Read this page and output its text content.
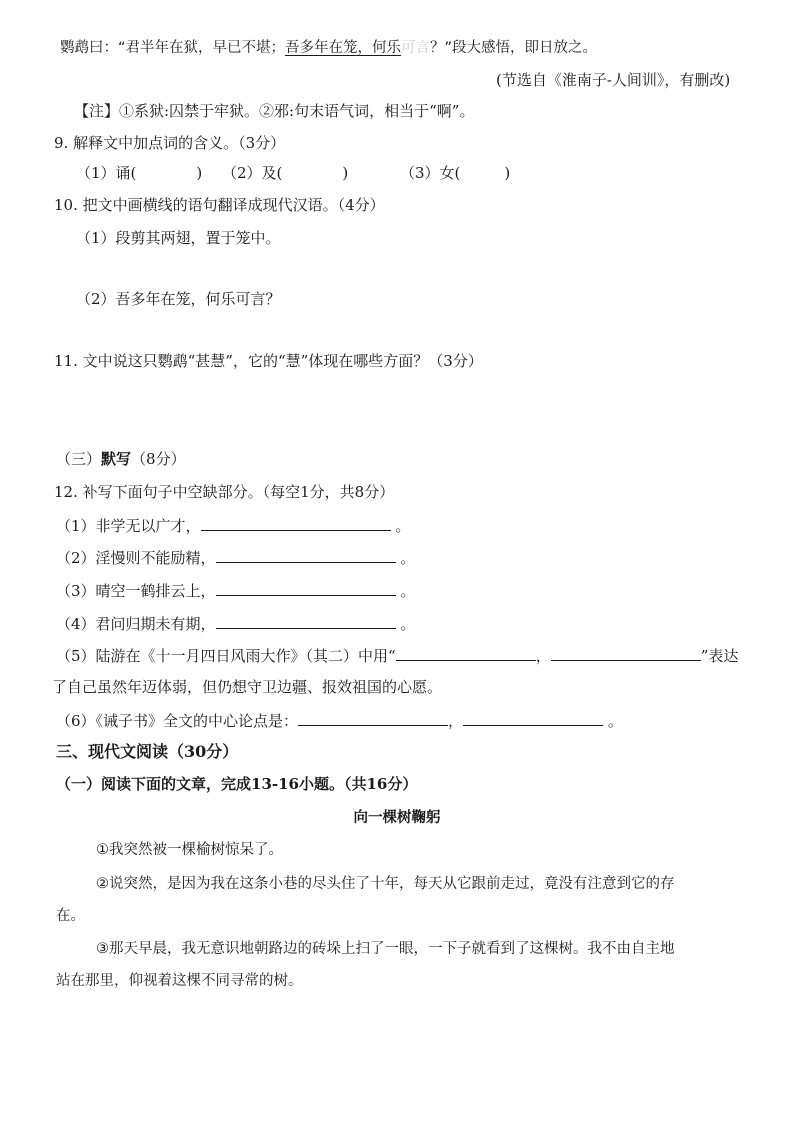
鹦鹉曰：“君半年在狱，早已不堪；吾多年在笼，何乐可言？”段大感悟，即日放之。
(节选自《淮南子-人间训》，有删改)
【注】①系狱:囚禁于牢狱。②邪:句末语气词，相当于“啊”。
9. 解释文中加点词的含义。（3分）
（1）诵(	) （2）及(	)	（3）女(	)
10. 把文中画横线的语句翻译成现代汉语。（4分）
（1）段剪其两翅，置于笼中。
（2）吾多年在笼，何乐可言？
11. 文中说这只鹦鹉“甚慧”，它的“慧”体现在哪些方面？（3分）
（三）默写（8分）
12. 补写下面句子中空缺部分。（每空1分，共8分）
（1）非学无以广才，	。
（2）淫慢则不能励精，	。
（3）晴空一鹤排云上，	。
（4）君问归期未有期，	。
（5）陆游在《十一月四日风雨大作》（其二）中用“	，	”表达
了自己虽然年迈体弱，但仍想守卫边疆、报效祖国的心愿。
（6）《诫子书》全文的中心论点是：	，	。
三、现代文阅读（30分）
（一）阅读下面的文章，完成13-16小题。（共16分）
向一棵树鞠躬
①我突然被一棵榆树惊呆了。
②说突然，是因为我在这条小巷的尽头住了十年，每天从它跟前走过，竟没有注意到它的存
在。
③那天早晨，我无意识地朝路边的砖垛上扫了一眼，一下子就看到了这棵树。我不由自主地
站在那里，仰视着这棵不同寻常的树。
